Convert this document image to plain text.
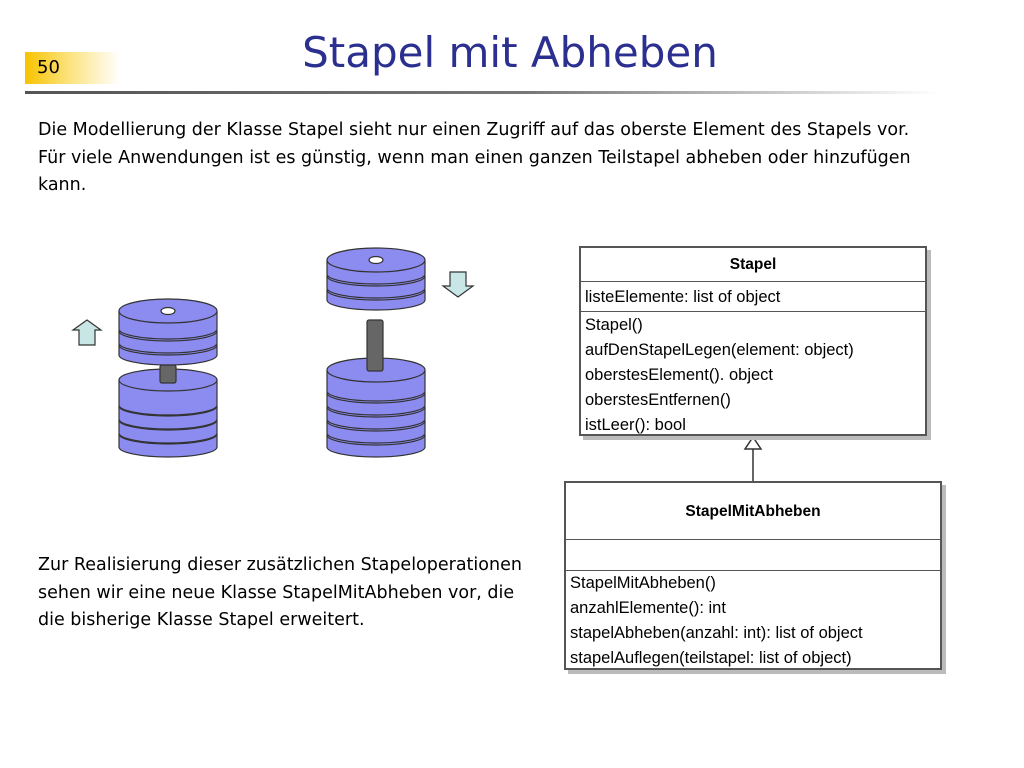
50	Stapel mit Abheben
Die Modellierung der Klasse Stapel sieht nur einen Zugriff auf das oberste Element des Stapels vor. Für viele Anwendungen ist es günstig, wenn man einen ganzen Teilstapel abheben oder hinzufügen kann.
Zur Realisierung dieser zusätzlichen Stapeloperationen sehen wir eine neue Klasse StapelMitAbheben vor, die die bisherige Klasse Stapel erweitert.
Stapel
listeElemente: list of object
Stapel()
aufDenStapelLegen(element: object)
oberstesElement(). object
oberstesEntfernen()
istLeer(): bool
StapelMitAbheben
StapelMitAbheben()
anzahlElemente(): int
stapelAbheben(anzahl: int): list of object
stapelAuflegen(teilstapel: list of object)
